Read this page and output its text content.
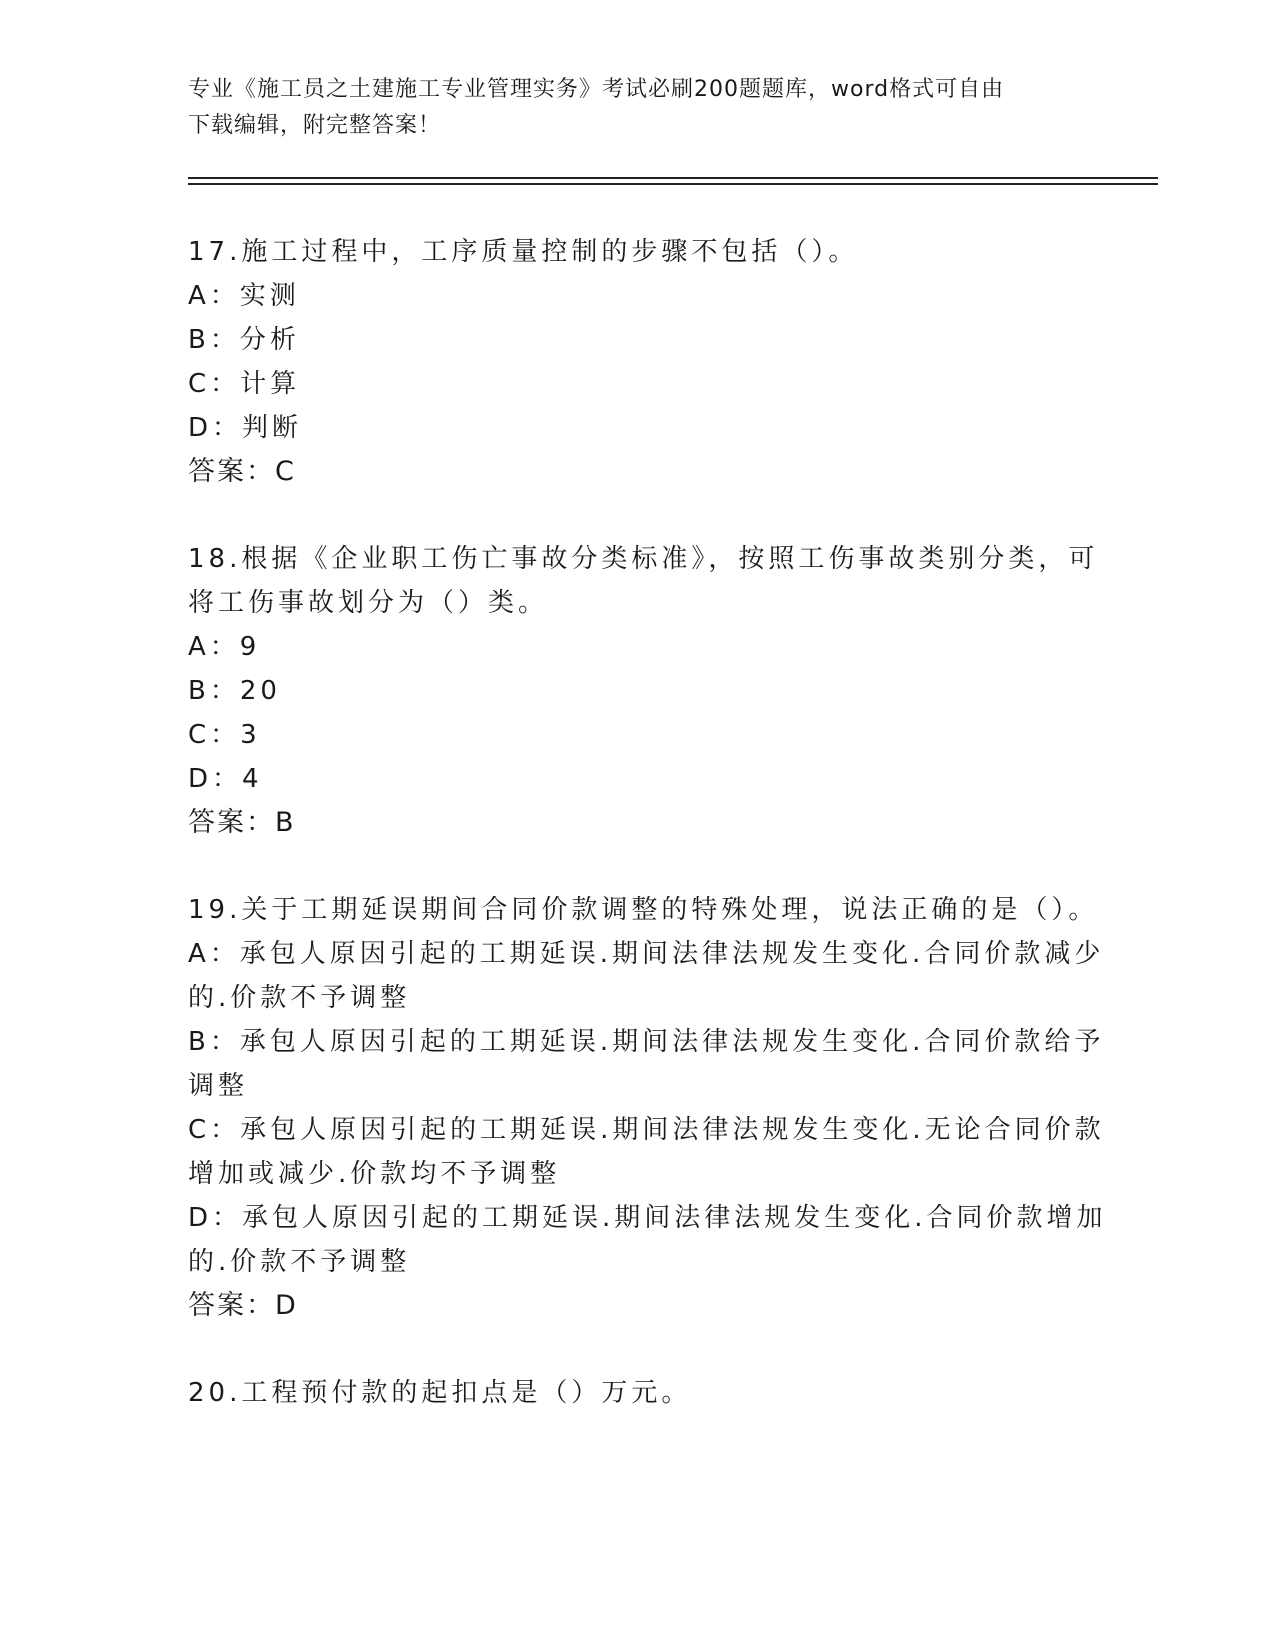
专业《施工员之土建施工专业管理实务》考试必刷200题题库，word格式可自由
下载编辑，附完整答案！
17.施工过程中，工序质量控制的步骤不包括（）。
A：实测
B：分析
C：计算
D：判断
答案：C
18.根据《企业职工伤亡事故分类标准》，按照工伤事故类别分类，可
将工伤事故划分为（）类。
A：9
B：20
C：3
D：4
答案：B
19.关于工期延误期间合同价款调整的特殊处理，说法正确的是（）。
A：承包人原因引起的工期延误.期间法律法规发生变化.合同价款减少
的.价款不予调整
B：承包人原因引起的工期延误.期间法律法规发生变化.合同价款给予
调整
C：承包人原因引起的工期延误.期间法律法规发生变化.无论合同价款
增加或减少.价款均不予调整
D：承包人原因引起的工期延误.期间法律法规发生变化.合同价款增加
的.价款不予调整
答案：D
20.工程预付款的起扣点是（）万元。
